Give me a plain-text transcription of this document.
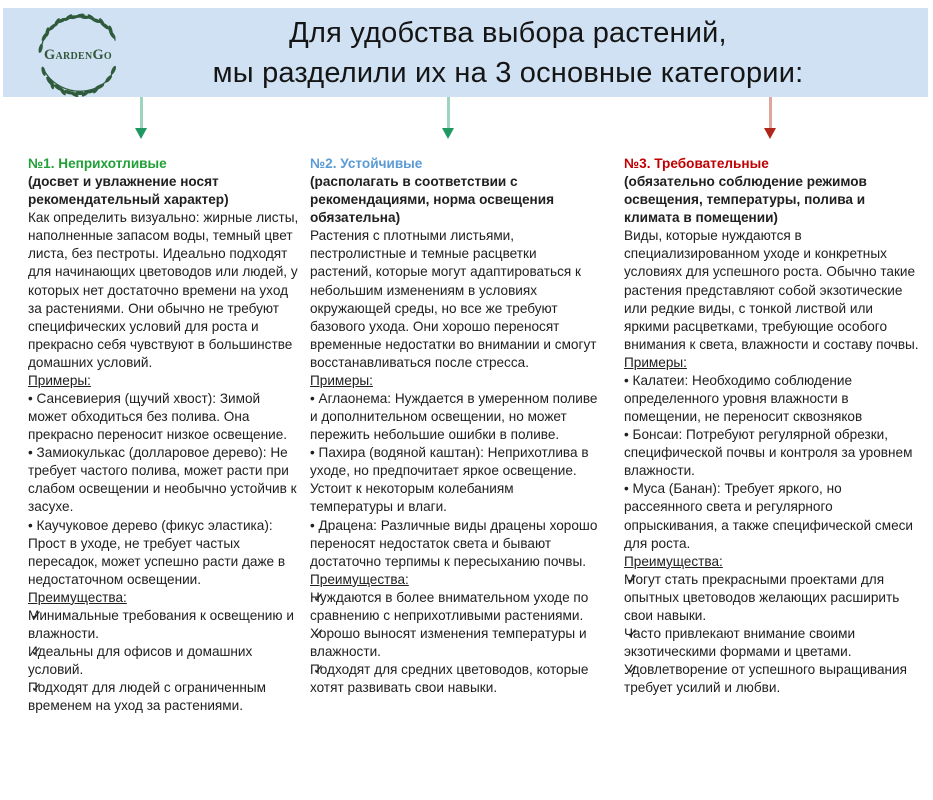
GardenGo
Для удобства выбора растений,
мы разделили их на 3 основные категории:
№1. Неприхотливые

(досвет и увлажнение носят рекомендательный характер)

Как определить визуально: жирные листы, наполненные запасом воды, темный цвет листа, без пестроты. Идеально подходят для начинающих цветоводов или людей, у которых нет достаточно времени на уход за растениями. Они обычно не требуют специфических условий для роста и прекрасно себя чувствуют в большинстве домашних условий.

Примеры:

• Сансевиерия (щучий хвост): Зимой может обходиться без полива. Она прекрасно переносит низкое освещение.

• Замиокулькас (долларовое дерево): Не требует частого полива, может расти при слабом освещении и необычно устойчив к засухе.

• Каучуковое дерево (фикус эластика): Прост в уходе, не требует частых пересадок, может успешно расти даже в недостаточном освещении.

Преимущества:

✓ Минимальные требования к освещению и влажности.

✓ Идеальны для офисов и домашних условий.

✓ Подходят для людей с ограниченным временем на уход за растениями.

№2. Устойчивые

(располагать в соответствии с рекомендациями, норма освещения обязательна)

Растения с плотными листьями, пестролистные и темные расцветки растений, которые могут адаптироваться к небольшим изменениям в условиях окружающей среды, но все же требуют базового ухода. Они хорошо переносят временные недостатки во внимании и смогут восстанавливаться после стресса.

Примеры:

• Аглаонема: Нуждается в умеренном поливе и дополнительном освещении, но может пережить небольшие ошибки в поливе.

• Пахира (водяной каштан): Неприхотлива в уходе, но предпочитает яркое освещение. Устоит к некоторым колебаниям температуры и влаги.

• Драцена: Различные виды драцены хорошо переносят недостаток света и бывают достаточно терпимы к пересыханию почвы.

Преимущества:

✓ Нуждаются в более внимательном уходе по сравнению с неприхотливыми растениями.

✓ Хорошо выносят изменения температуры и влажности.

✓ Подходят для средних цветоводов, которые хотят развивать свои навыки.

№3. Требовательные

(обязательно соблюдение режимов освещения, температуры, полива и климата в помещении)

Виды, которые нуждаются в специализированном уходе и конкретных условиях для успешного роста. Обычно такие растения представляют собой экзотические или редкие виды, с тонкой листвой или яркими расцветками, требующие особого внимания к света, влажности и составу почвы.

Примеры:

• Калатеи: Необходимо соблюдение определенного уровня влажности в помещении, не переносит сквозняков

• Бонсаи: Потребуют регулярной обрезки, специфической почвы и контроля за уровнем влажности.

• Муса (Банан): Требует яркого, но рассеянного света и регулярного опрыскивания, а также специфической смеси для роста.

Преимущества:

✓ Могут стать прекрасными проектами для опытных цветоводов желающих расширить свои навыки.

✓ Часто привлекают внимание своими экзотическими формами и цветами.

✓ Удовлетворение от успешного выращивания требует усилий и любви.
